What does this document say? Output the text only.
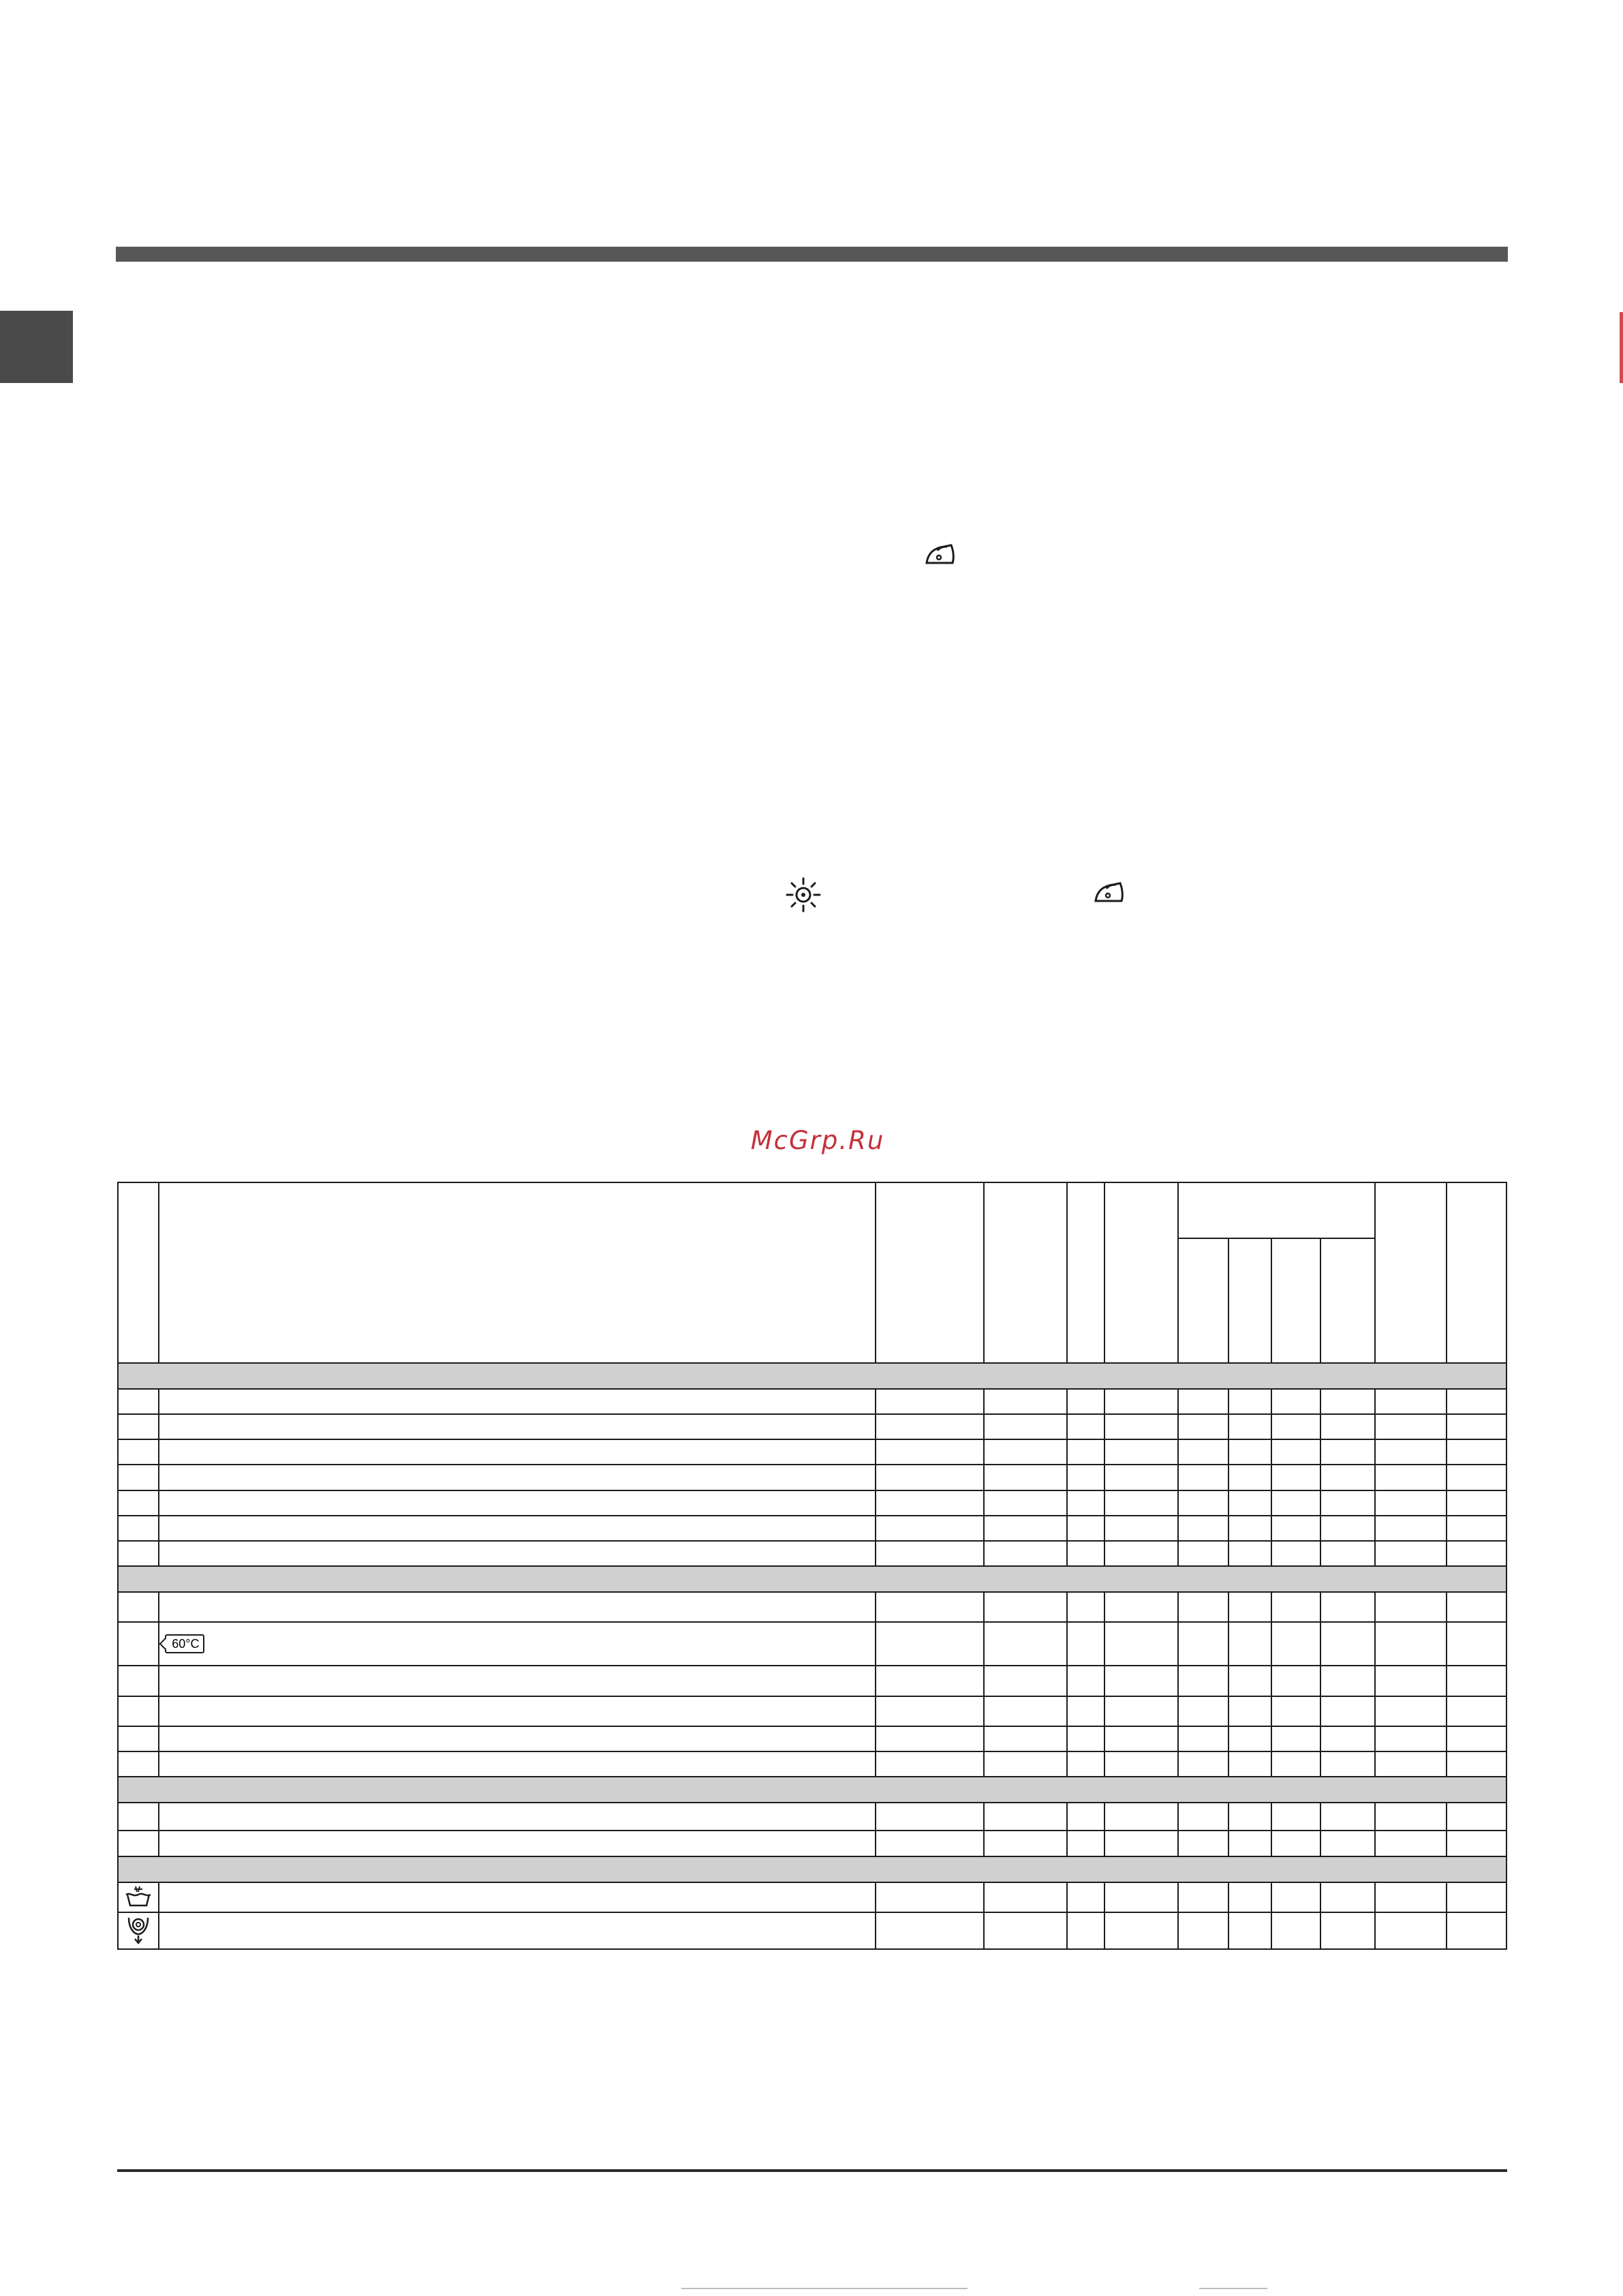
McGrp.Ru

	60°C										
